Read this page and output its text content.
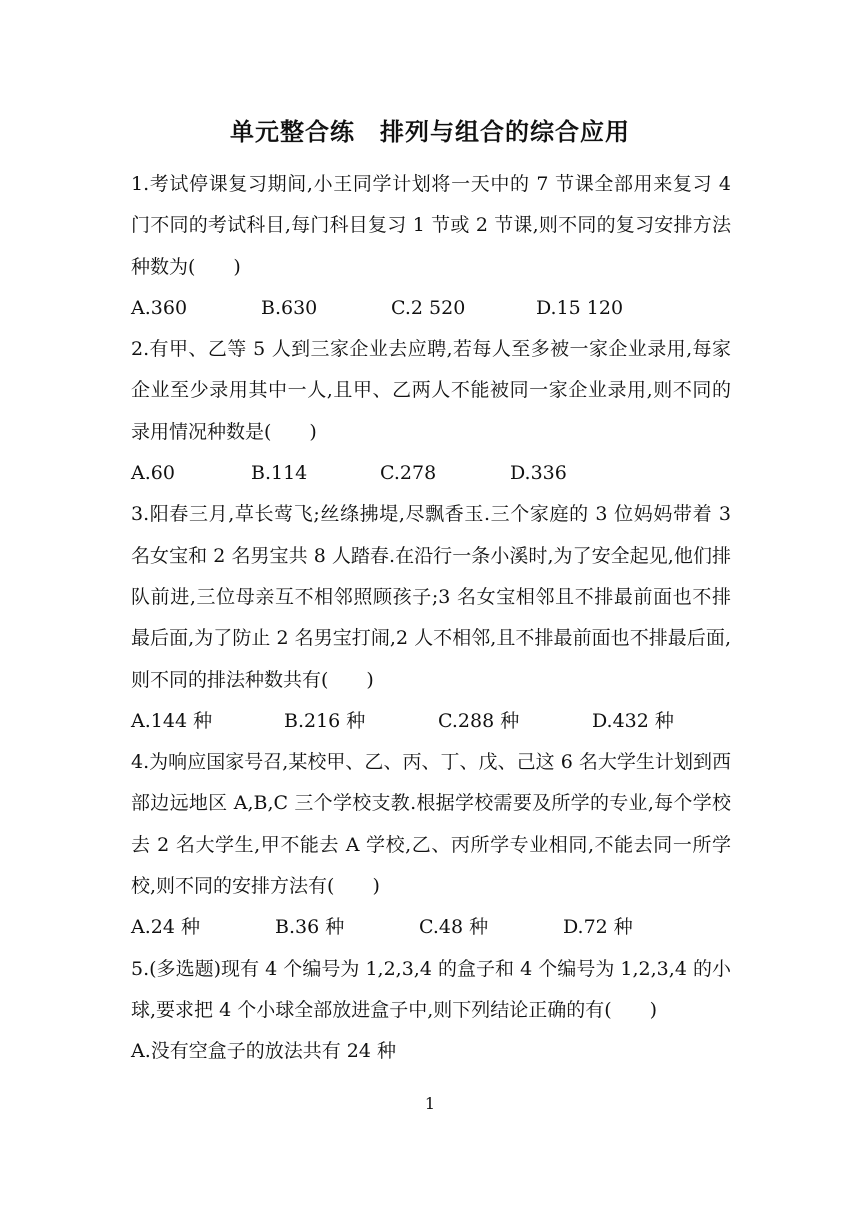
单元整合练　排列与组合的综合应用

1.考试停课复习期间,小王同学计划将一天中的 7 节课全部用来复习 4 门不同的考试科目,每门科目复习 1 节或 2 节课,则不同的复习安排方法种数为(　　)

A.360	B.630	C.2 520	D.15 120

2.有甲、乙等 5 人到三家企业去应聘,若每人至多被一家企业录用,每家企业至少录用其中一人,且甲、乙两人不能被同一家企业录用,则不同的录用情况种数是(　　)

A.60	B.114	C.278	D.336

3.阳春三月,草长莺飞;丝绦拂堤,尽飘香玉.三个家庭的 3 位妈妈带着 3 名女宝和 2 名男宝共 8 人踏春.在沿行一条小溪时,为了安全起见,他们排队前进,三位母亲互不相邻照顾孩子;3 名女宝相邻且不排最前面也不排最后面,为了防止 2 名男宝打闹,2 人不相邻,且不排最前面也不排最后面,则不同的排法种数共有(　　)

A.144 种	B.216 种	C.288 种	D.432 种

4.为响应国家号召,某校甲、乙、丙、丁、戊、己这 6 名大学生计划到西部边远地区 A,B,C 三个学校支教.根据学校需要及所学的专业,每个学校去 2 名大学生,甲不能去 A 学校,乙、丙所学专业相同,不能去同一所学校,则不同的安排方法有(　　)

A.24 种	B.36 种	C.48 种	D.72 种

5.(多选题)现有 4 个编号为 1,2,3,4 的盒子和 4 个编号为 1,2,3,4 的小球,要求把 4 个小球全部放进盒子中,则下列结论正确的有(　　)

A.没有空盒子的放法共有 24 种
1
